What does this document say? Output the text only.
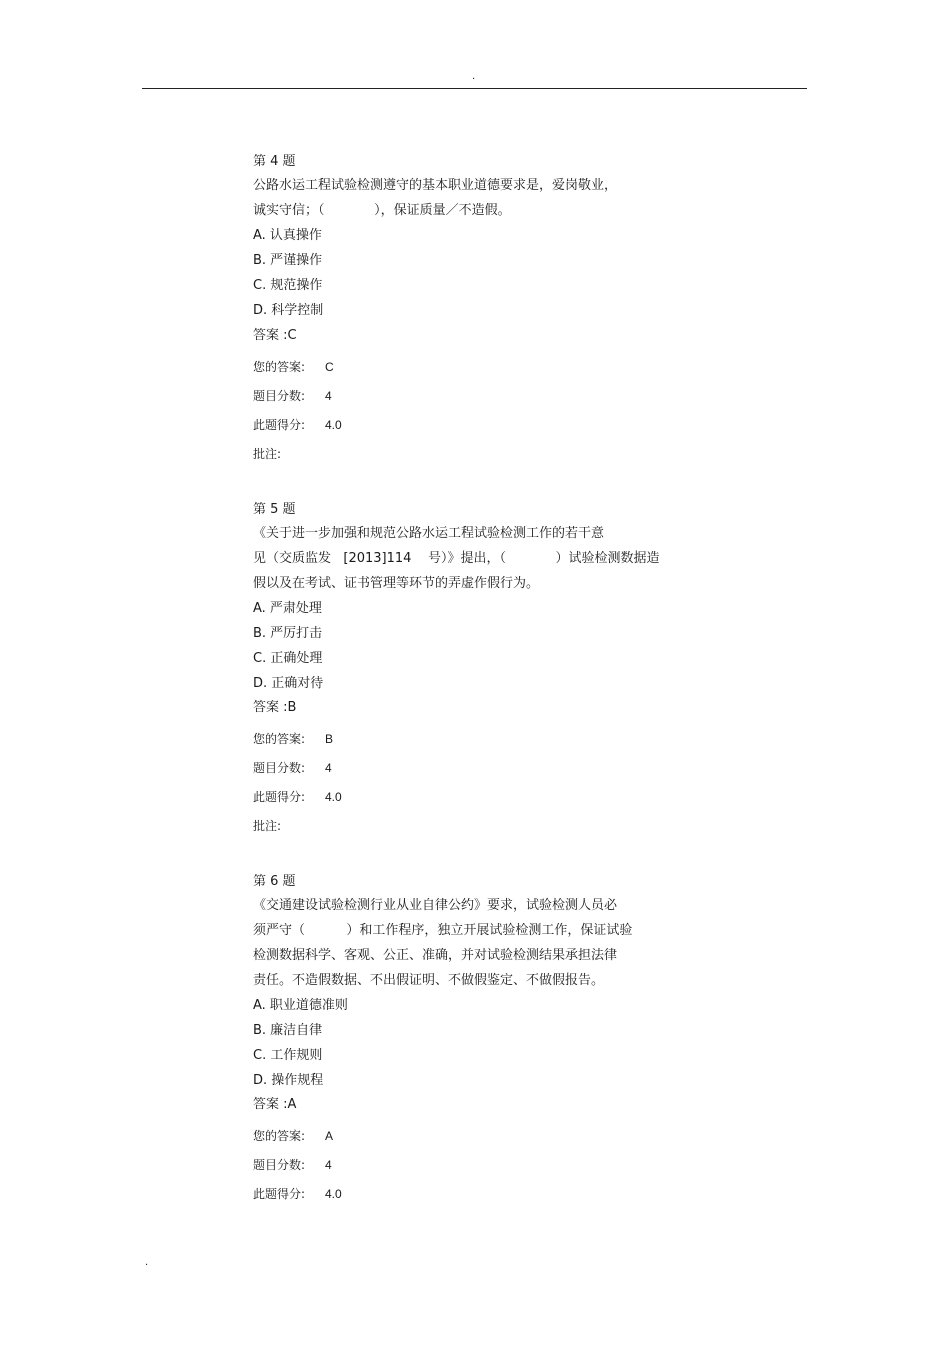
.
第 4 题
公路水运工程试验检测遵守的基本职业道德要求是，爱岗敬业，
诚实守信；（            ），保证质量／不造假。
A. 认真操作
B. 严谨操作
C. 规范操作
D. 科学控制
答案 :C
您的答案:	C
题目分数:	4
此题得分:	4.0
批注:
第 5 题
《关于进一步加强和规范公路水运工程试验检测工作的若干意
见（交质监发   [2013]114    号）》提出，（            ）试验检测数据造
假以及在考试、证书管理等环节的弄虚作假行为。
A. 严肃处理
B. 严厉打击
C. 正确处理
D. 正确对待
答案 :B
您的答案:	B
题目分数:	4
此题得分:	4.0
批注:
第 6 题
《交通建设试验检测行业从业自律公约》要求，试验检测人员必
须严守（          ）和工作程序，独立开展试验检测工作，保证试验
检测数据科学、客观、公正、准确，并对试验检测结果承担法律
责任。不造假数据、不出假证明、不做假鉴定、不做假报告。
A. 职业道德准则
B. 廉洁自律
C. 工作规则
D. 操作规程
答案 :A
您的答案:	A
题目分数:	4
此题得分:	4.0
.
